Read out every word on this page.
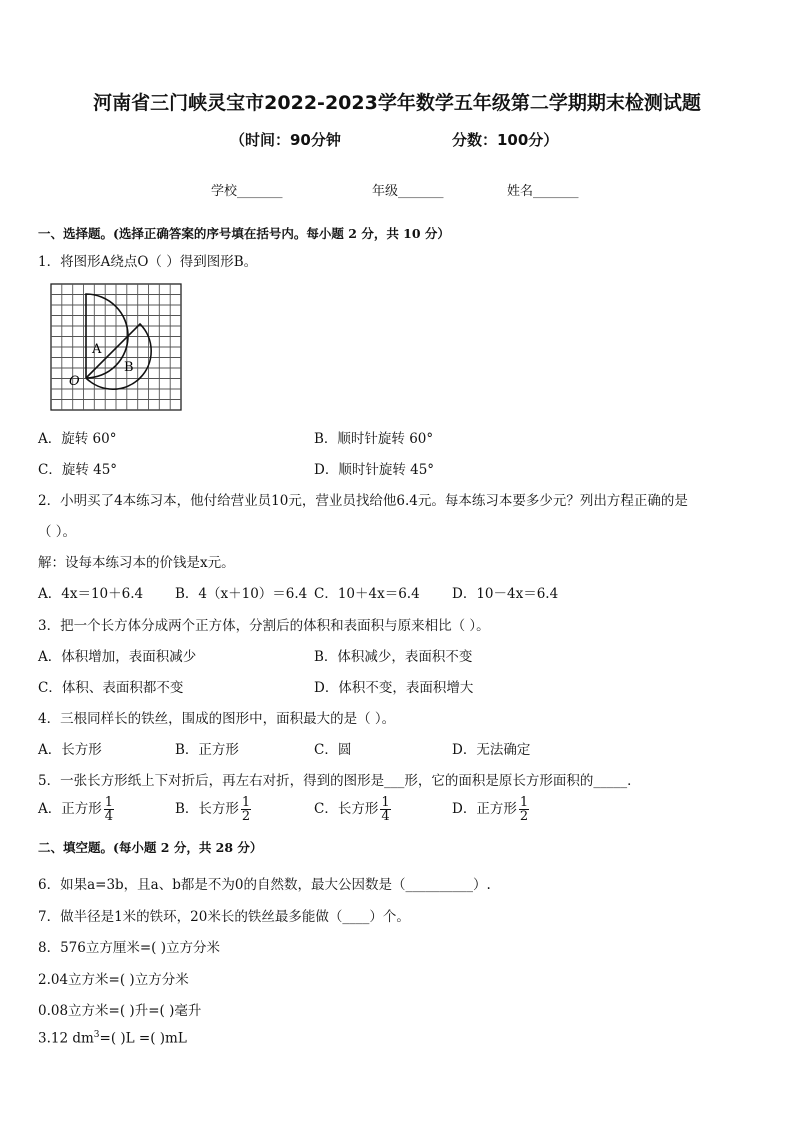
河南省三门峡灵宝市2022-2023学年数学五年级第二学期期末检测试题
（时间：90分钟	分数：100分）
学校_______	年级_______	姓名_______
一、选择题。(选择正确答案的序号填在括号内。每小题 2 分，共 10 分）
1．将图形A绕点O（ ）得到图形B。
A
B
O
A．旋转 60°	B．顺时针旋转 60°
C．旋转 45°	D．顺时针旋转 45°
2．小明买了4本练习本，他付给营业员10元，营业员找给他6.4元。每本练习本要多少元？列出方程正确的是
（ ）。
解：设每本练习本的价钱是x元。
A．4x＝10＋6.4 B．4（x＋10）＝6.4 C．10＋4x＝6.4 D．10－4x＝6.4
3．把一个长方体分成两个正方体，分割后的体积和表面积与原来相比（ ）。
A．体积增加，表面积减少	B．体积减少，表面积不变
C．体积、表面积都不变	D．体积不变，表面积增大
4．三根同样长的铁丝，围成的图形中，面积最大的是（ ）。
A．长方形	B．正方形	C．圆	D．无法确定
5．一张长方形纸上下对折后，再左右对折，得到的图形是___形，它的面积是原长方形面积的_____．
A．正方形 $\frac{1}{4}$	B．长方形 $\frac{1}{2}$	C．长方形 $\frac{1}{4}$	D．正方形 $\frac{1}{2}$
二、填空题。(每小题 2 分，共 28 分）
6．如果a=3b，且a、b都是不为0的自然数，最大公因数是（__________）.
7．做半径是1米的铁环，20米长的铁丝最多能做（____）个。
8．576立方厘米=( )立方分米
2.04立方米=( )立方分米
0.08立方米=( )升=( )毫升
3.12 $dm^3=$( )L =( )mL
